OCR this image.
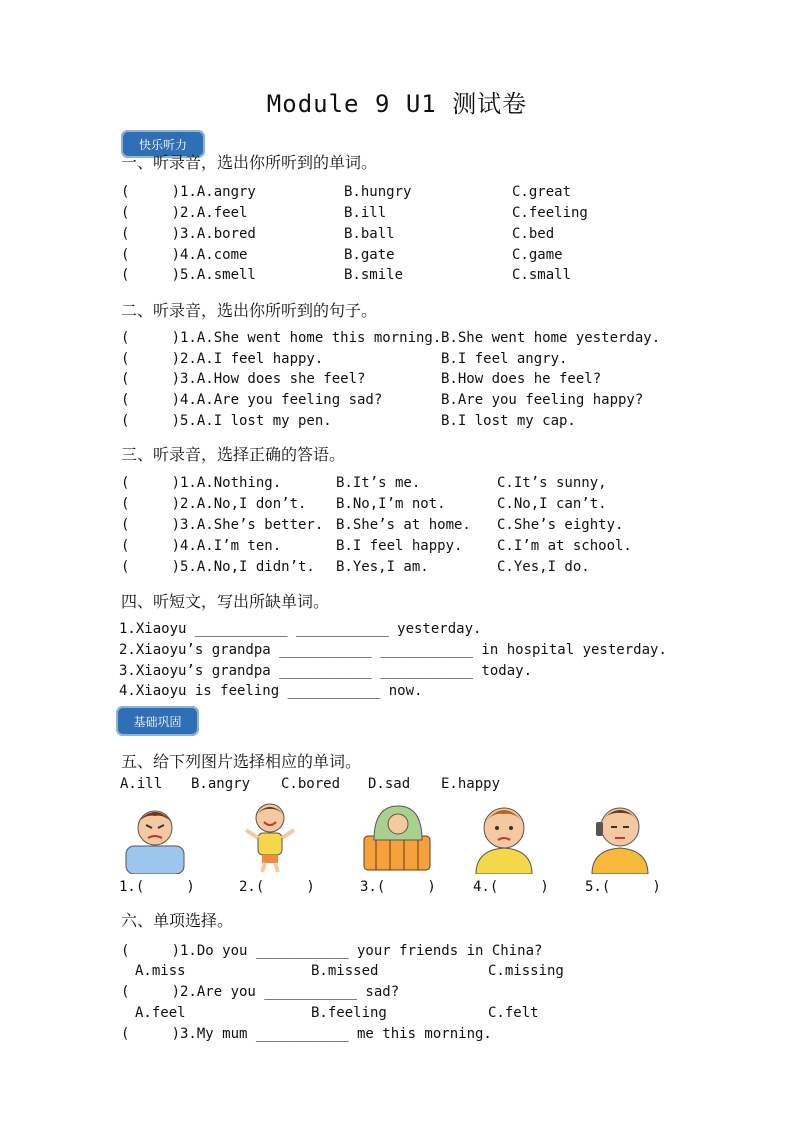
Module 9 U1 测试卷
快乐听力
一、听录音，选出你所听到的单词。
(     )1.A.angry	B.hungry	C.great
(     )2.A.feel	B.ill	C.feeling
(     )3.A.bored	B.ball	C.bed
(     )4.A.come	B.gate	C.game
(     )5.A.smell	B.smile	C.small
二、听录音，选出你所听到的句子。
(     )1.A.She went home this morning. B.She went home yesterday.
(     )2.A.I feel happy.	B.I feel angry.
(     )3.A.How does she feel?	B.How does he feel?
(     )4.A.Are you feeling sad?	B.Are you feeling happy?
(     )5.A.I lost my pen.	B.I lost my cap.
三、听录音，选择正确的答语。
(     )1.A.Nothing.	B.It’s me.	C.It’s sunny,
(     )2.A.No,I don’t. B.No,I’m not.	C.No,I can’t.
(     )3.A.She’s better. B.She’s at home. C.She’s eighty.
(     )4.A.I’m ten.	B.I feel happy. C.I’m at school.
(     )5.A.No,I didn’t. B.Yes,I am.	C.Yes,I do.
四、听短文，写出所缺单词。
1.Xiaoyu ___________ ___________ yesterday.
2.Xiaoyu’s grandpa ___________ ___________ in hospital yesterday.
3.Xiaoyu’s grandpa ___________ ___________ today.
4.Xiaoyu is feeling ___________ now.
基础巩固
五、给下列图片选择相应的单词。
A.ill B.angry C.bored D.sad E.happy
1.(     )	2.(     )	3.(     )	4.(     )	5.(     )
六、单项选择。
(     )1.Do you ___________ your friends in China?
A.miss	B.missed	C.missing
(     )2.Are you ___________ sad?
A.feel	B.feeling	C.felt
(     )3.My mum ___________ me this morning.
